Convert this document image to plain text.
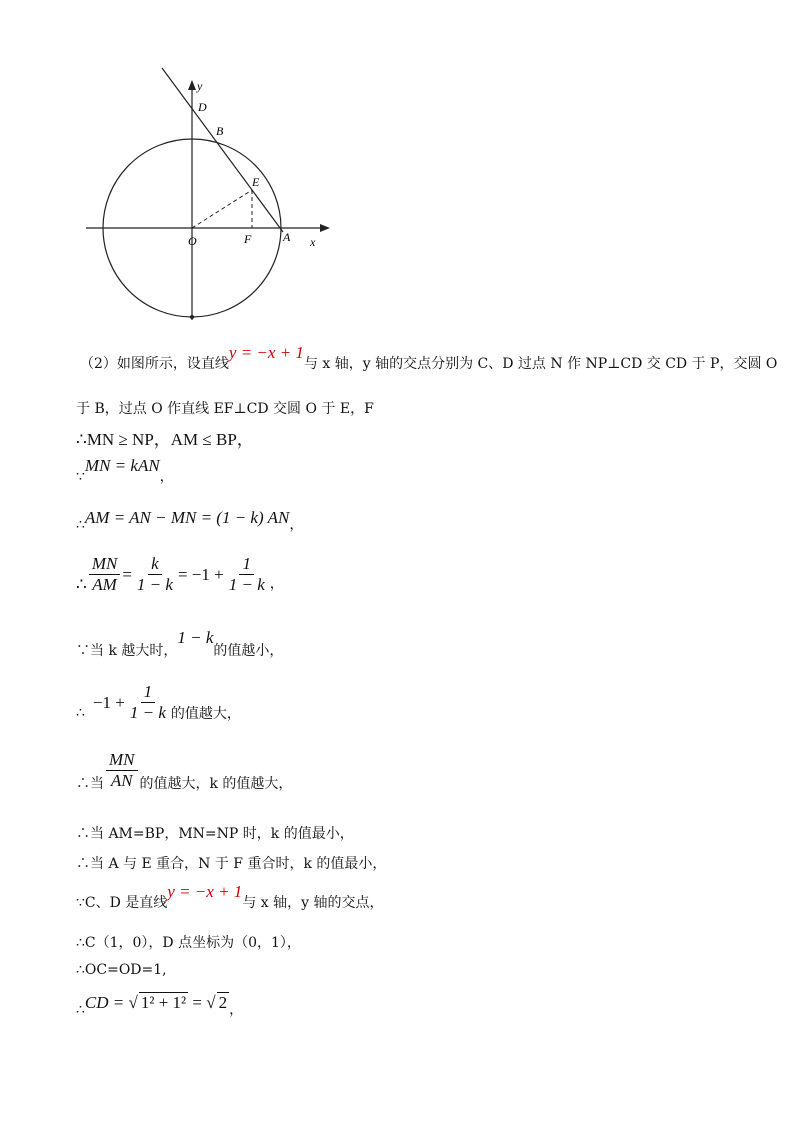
y
D
B
E
O	F	A x
（2）如图所示，设直线y = −x + 1与 x 轴，y 轴的交点分别为 C、D 过点 N 作 NP⊥CD 交 CD 于 P，交圆 O
于 B，过点 O 作直线 EF⊥CD 交圆 O 于 E，F
∴MN ≥ NP，AM ≤ BP，
∵MN = kAN，
∴AM = AN − MN = (1 − k) AN，
∴ $\frac{MN}{AM} = \frac{k}{1 - k} = -1 + \frac{1}{1 - k}$ ，
∵当 k 越大时，1 − k的值越小，
∴
$-1 + \frac{1}{1 - k}$ 的值越大，
∴当 $\frac{MN}{AN}$ 的值越大，k 的值越大，
∴当 AM=BP，MN=NP 时，k 的值最小，
∴当 A 与 E 重合，N 于 F 重合时，k 的值最小，
∵C、D 是直线y = −x + 1与 x 轴，y 轴的交点，
∴C（1，0），D 点坐标为（0，1），
∴OC=OD=1,
$_\therefore$CD = √ 1² + 1² = √ 2 $_,$
